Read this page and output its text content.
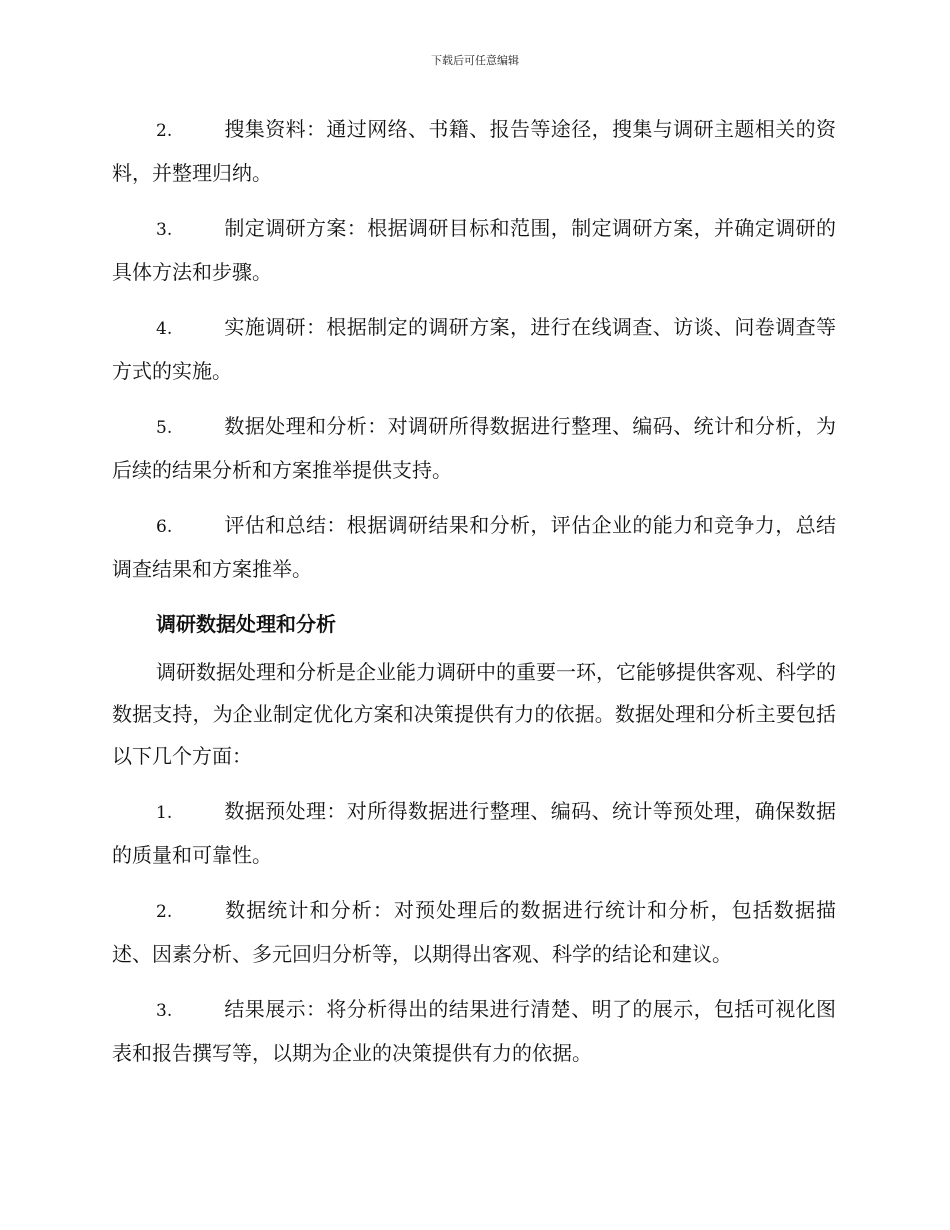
下载后可任意编辑
2.	搜集资料：通过网络、书籍、报告等途径，搜集与调研主题相关的资料，并整理归纳。
3.	制定调研方案：根据调研目标和范围，制定调研方案，并确定调研的具体方法和步骤。
4.	实施调研：根据制定的调研方案，进行在线调查、访谈、问卷调查等方式的实施。
5.	数据处理和分析：对调研所得数据进行整理、编码、统计和分析，为后续的结果分析和方案推举提供支持。
6.	评估和总结：根据调研结果和分析，评估企业的能力和竞争力，总结调查结果和方案推举。
调研数据处理和分析
调研数据处理和分析是企业能力调研中的重要一环，它能够提供客观、科学的数据支持，为企业制定优化方案和决策提供有力的依据。数据处理和分析主要包括以下几个方面：
1.	数据预处理：对所得数据进行整理、编码、统计等预处理，确保数据的质量和可靠性。
2.	数据统计和分析：对预处理后的数据进行统计和分析，包括数据描述、因素分析、多元回归分析等，以期得出客观、科学的结论和建议。
3.	结果展示：将分析得出的结果进行清楚、明了的展示，包括可视化图表和报告撰写等，以期为企业的决策提供有力的依据。
